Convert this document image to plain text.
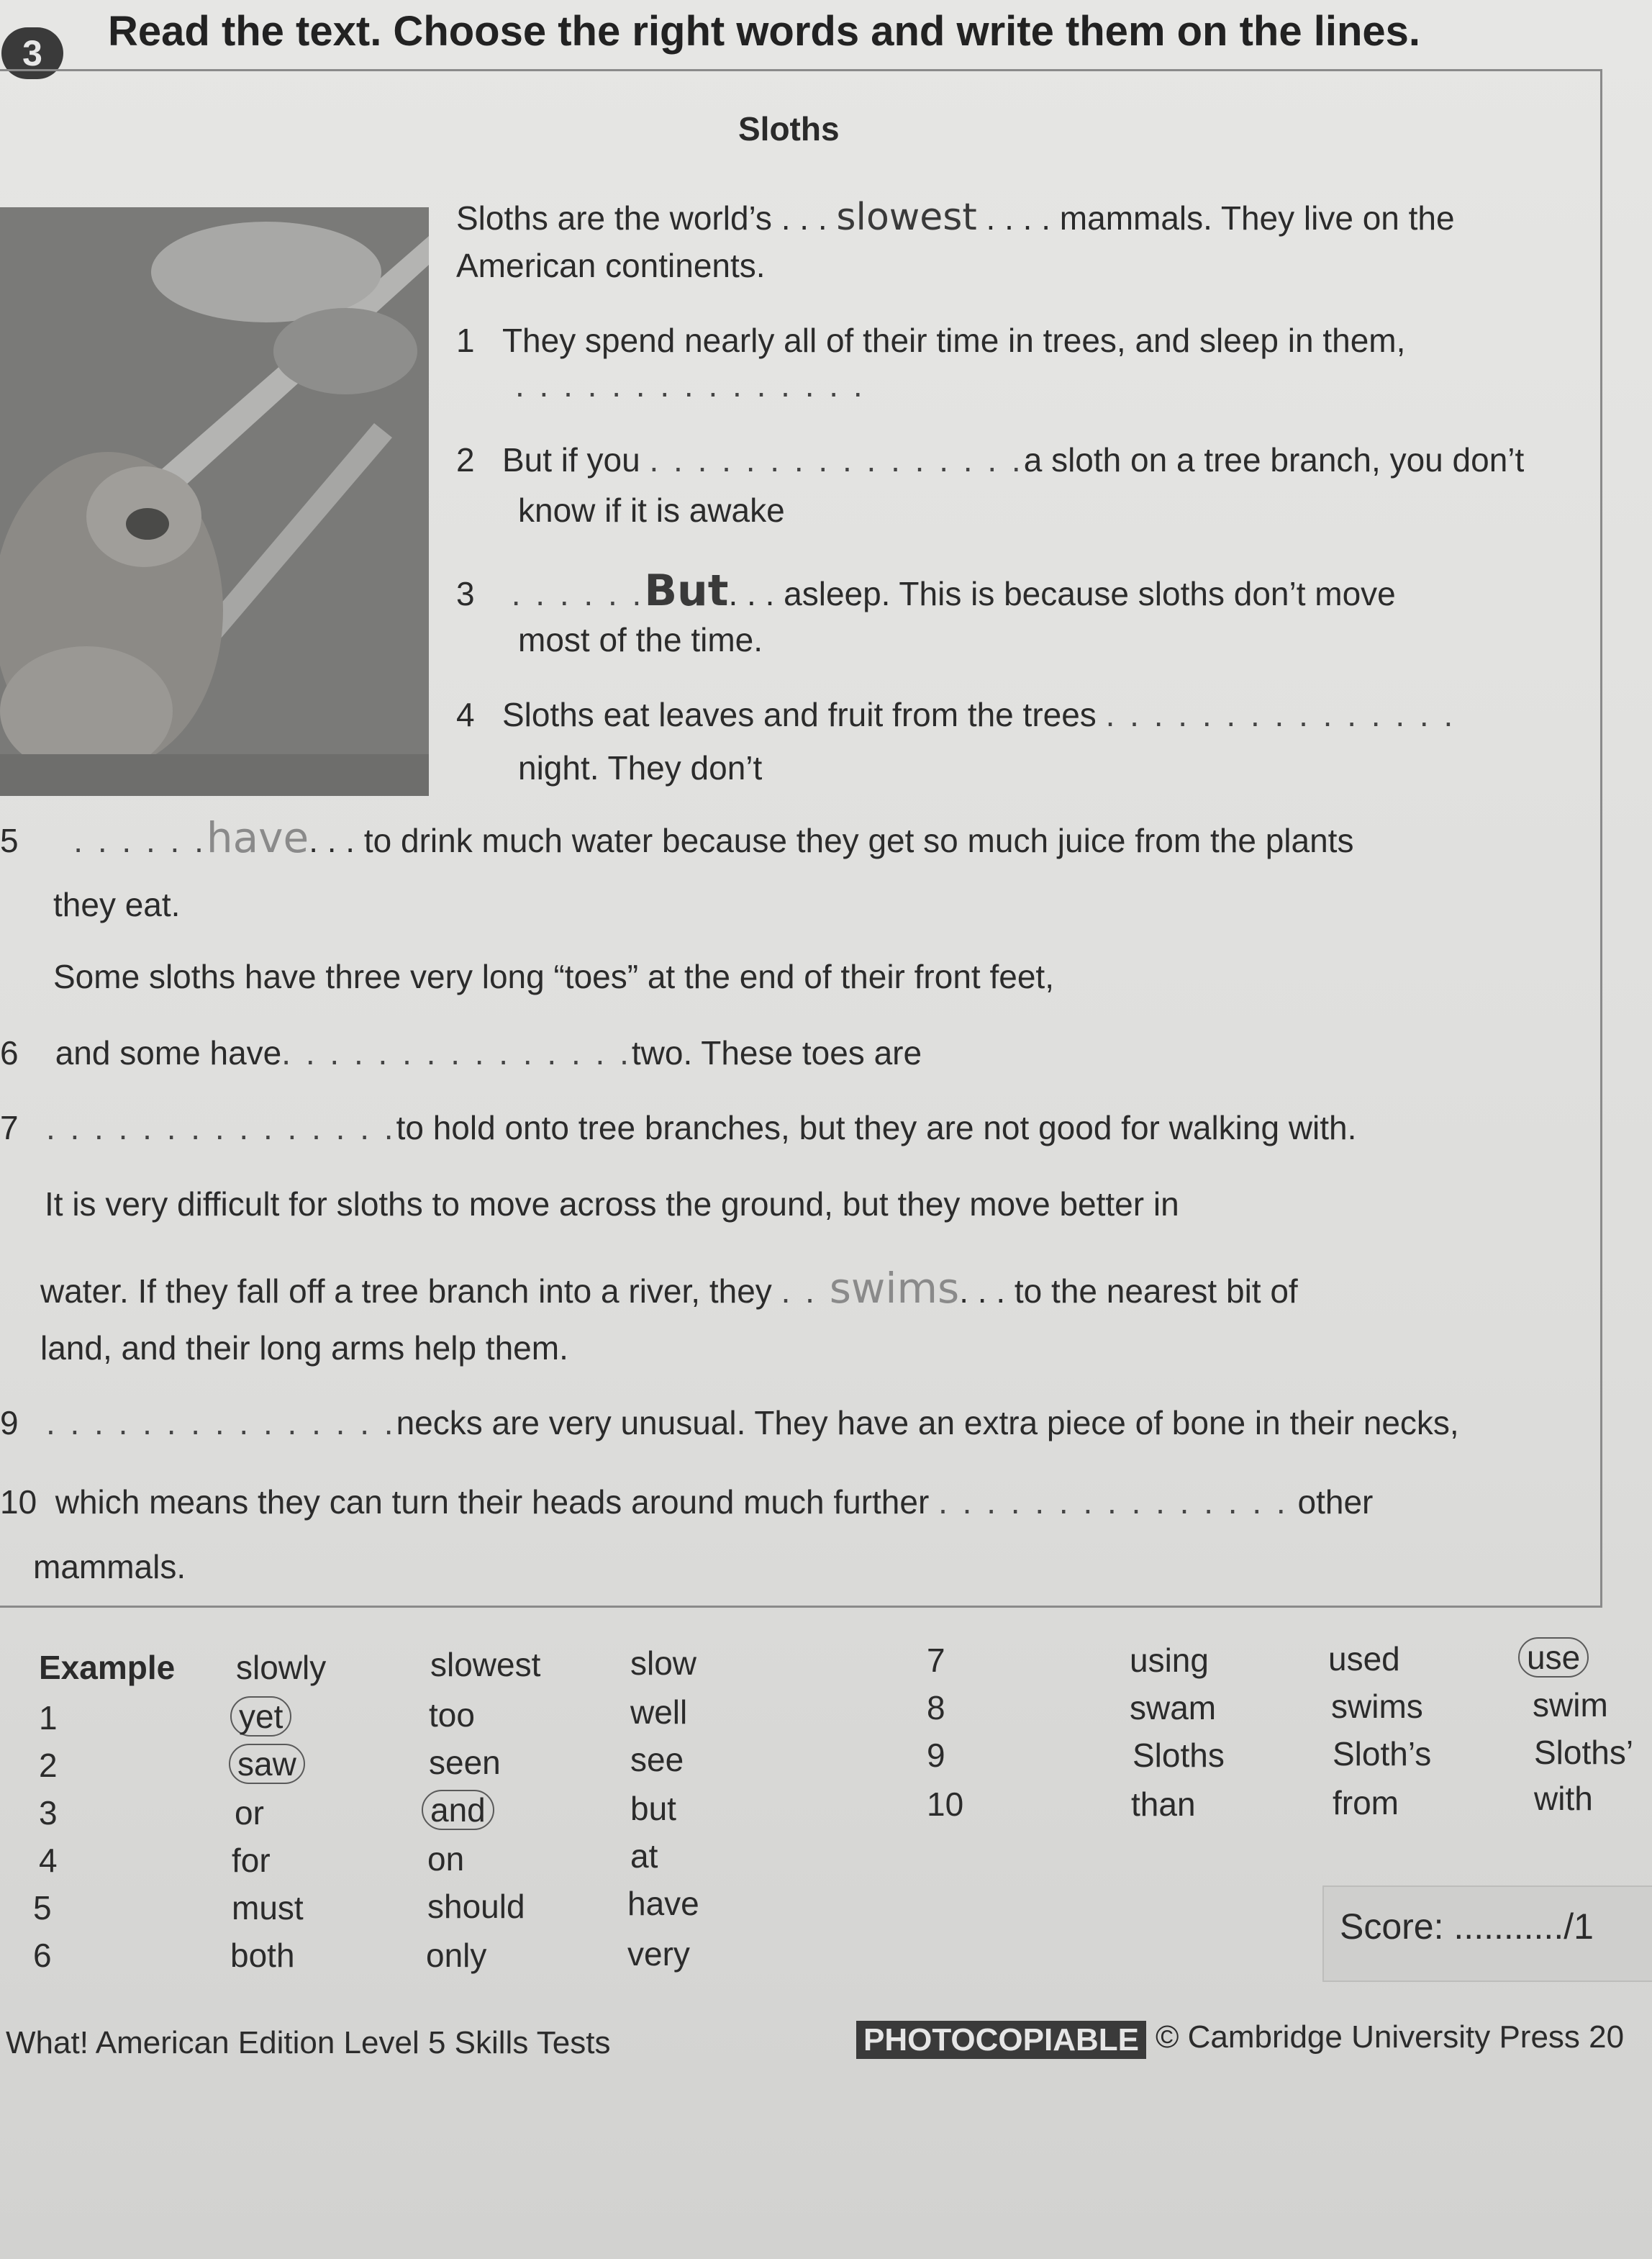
3	Read the text. Choose the right words and write them on the lines.
Sloths
Sloths are the world’s . . . slowest . . . . mammals. They live on the
American continents.
1 They spend nearly all of their time in trees, and sleep in them,
. . . . . . . . . . . . . . .
2 But if you . . . . . . . . . . . . . . . .a sloth on a tree branch, you don’t
know if it is awake
3 . . . . . .But. . . asleep. This is because sloths don’t move
most of the time.
4 Sloths eat leaves and fruit from the trees . . . . . . . . . . . . . . .
night. They don’t
5 . . . . . .have. . . to drink much water because they get so much juice from the plants
they eat.
Some sloths have three very long “toes” at the end of their front feet,
6 and some have. . . . . . . . . . . . . . .two. These toes are
7 . . . . . . . . . . . . . . .to hold onto tree branches, but they are not good for walking with.
It is very difficult for sloths to move across the ground, but they move better in
water. If they fall off a tree branch into a river, they . . swims. . . to the nearest bit of
land, and their long arms help them.
9 . . . . . . . . . . . . . . .necks are very unusual. They have an extra piece of bone in their necks,
10 which means they can turn their heads around much further . . . . . . . . . . . . . . . other
mammals.
Example slowly	slowest	slow
1	yet	too	well
2	saw	seen	see
3	or	and	but
4	for	on	at
5	must	should	have
6	both	only	very
7	using	used	use
8	swam	swims	swim
9	Sloths	Sloth’s	Sloths’
10	than	from	with
Score: .........../1
What! American Edition Level 5 Skills Tests	PHOTOCOPIABLE © Cambridge University Press 20
